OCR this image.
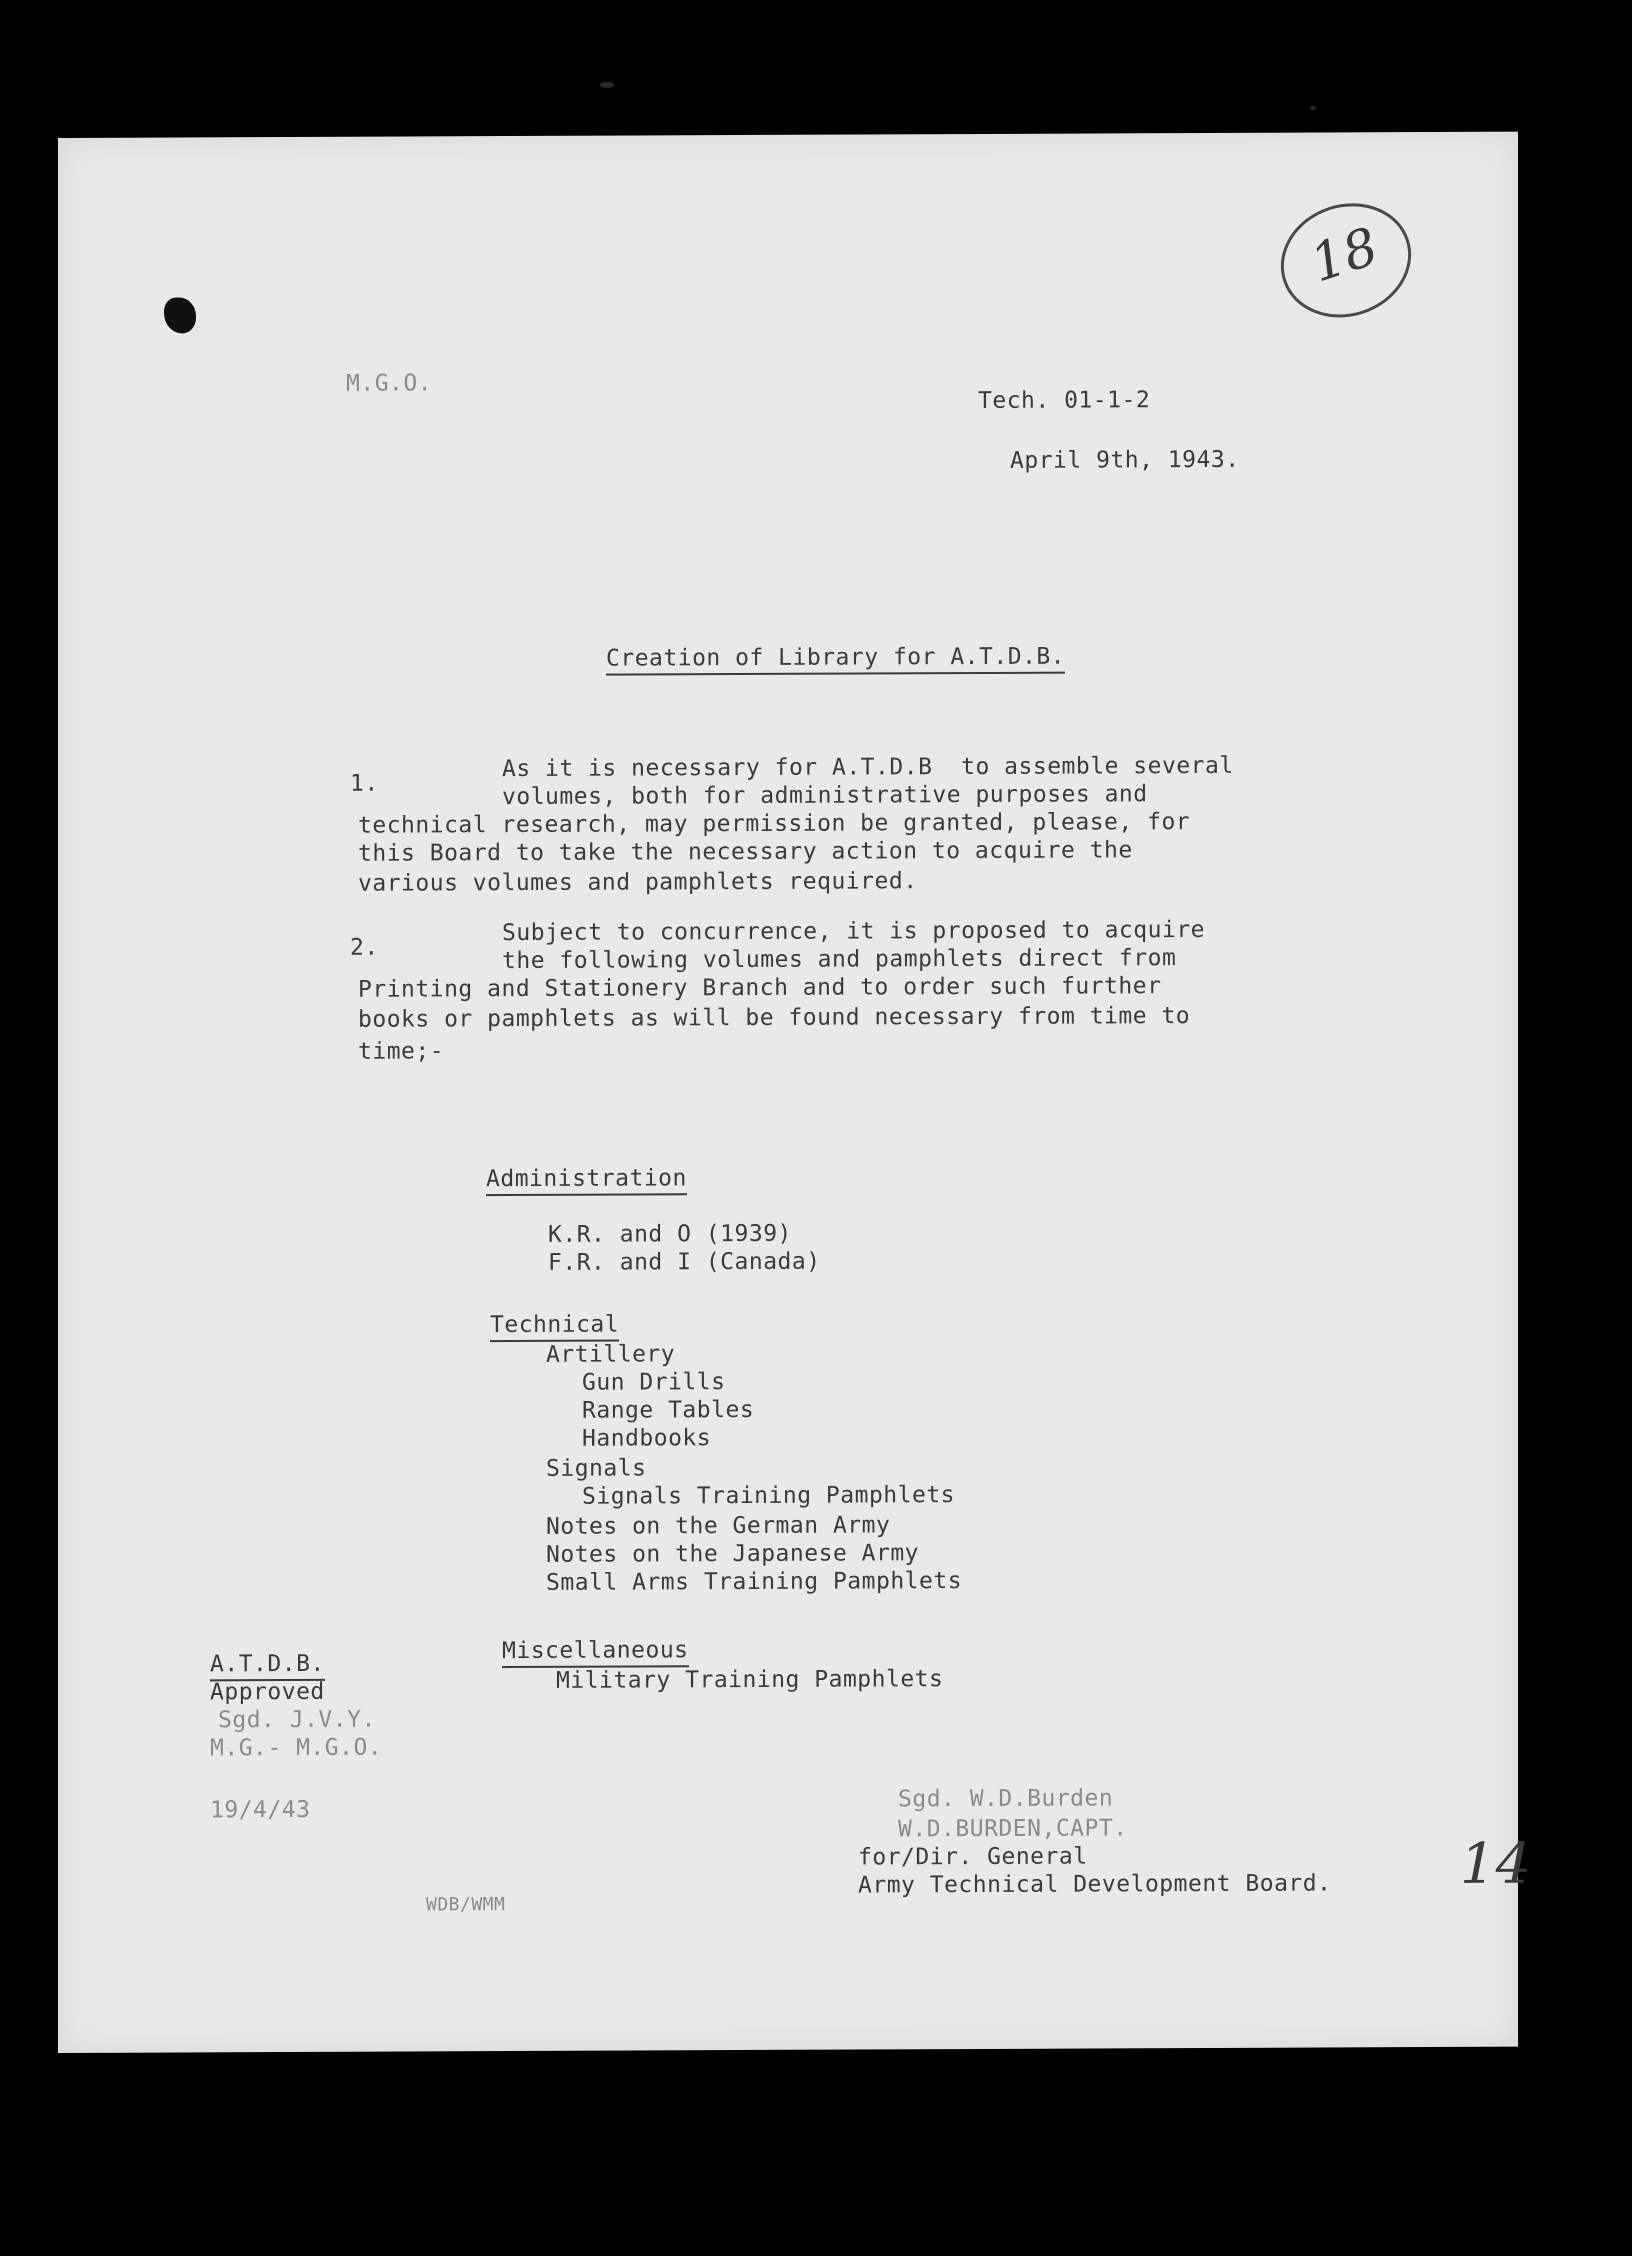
18
M.G.O.
Tech. 01-1-2
April 9th, 1943.
Creation of Library for A.T.D.B.
1.
As it is necessary for A.T.D.B  to assemble several
volumes, both for administrative purposes and
technical research, may permission be granted, please, for
this Board to take the necessary action to acquire the
various volumes and pamphlets required.
2.
Subject to concurrence, it is proposed to acquire
the following volumes and pamphlets direct from
Printing and Stationery Branch and to order such further
books or pamphlets as will be found necessary from time to
time;-
Administration
K.R. and O (1939)
F.R. and I (Canada)
Technical
Artillery
Gun Drills
Range Tables
Handbooks
Signals
Signals Training Pamphlets
Notes on the German Army
Notes on the Japanese Army
Small Arms Training Pamphlets
Miscellaneous
Military Training Pamphlets
A.T.D.B.
Approved
Sgd. J.V.Y.
M.G.- M.G.O.
19/4/43	Sgd. W.D.Burden
W.D.BURDEN,CAPT.
for/Dir. General
Army Technical Development Board.
WDB/WMM
14
